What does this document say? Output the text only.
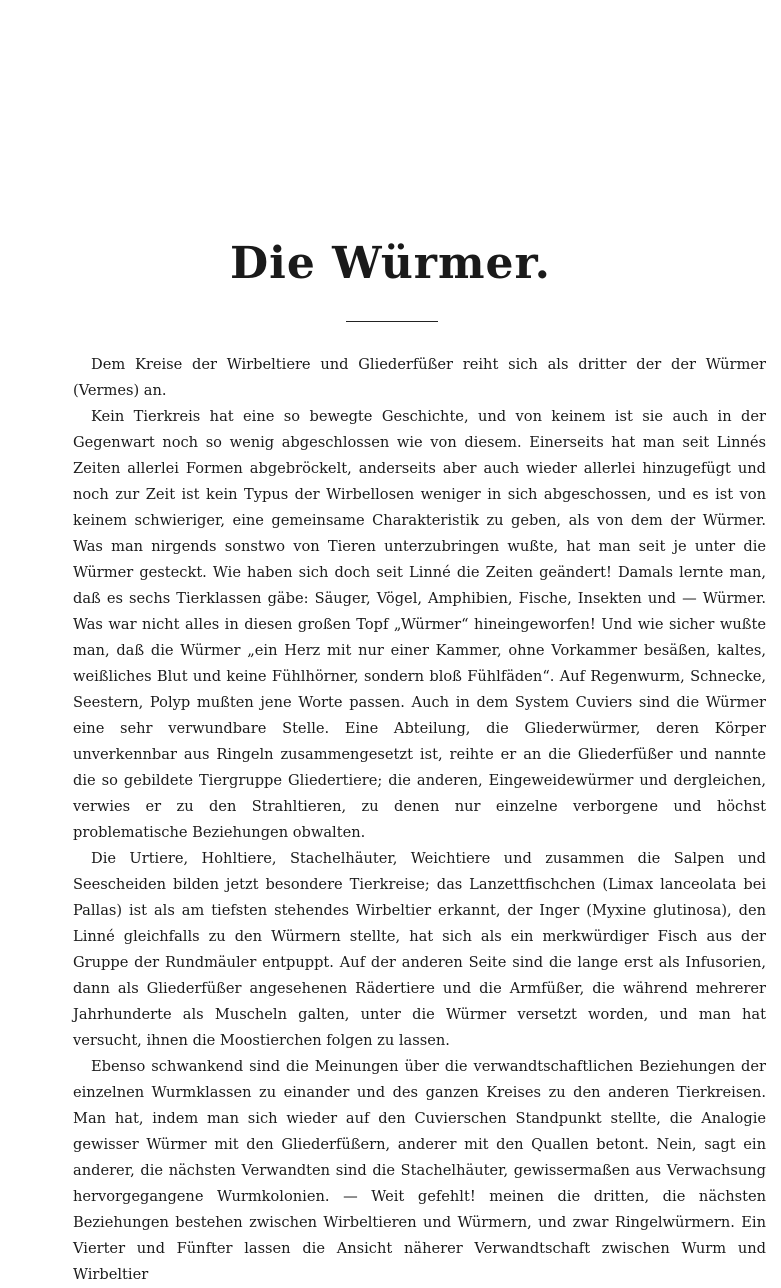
Die Würmer.

Dem Kreise der Wirbeltiere und Gliederfüßer reiht sich als dritter der der Würmer (Vermes) an.

Kein Tierkreis hat eine so bewegte Geschichte, und von keinem ist sie auch in der Gegenwart noch so wenig abgeschlossen wie von diesem. Einerseits hat man seit Linnés Zeiten allerlei Formen abgebröckelt, anderseits aber auch wieder allerlei hinzugefügt und noch zur Zeit ist kein Typus der Wirbellosen weniger in sich abgeschossen, und es ist von keinem schwieriger, eine gemeinsame Charakteristik zu geben, als von dem der Würmer. Was man nirgends sonstwo von Tieren unterzubringen wußte, hat man seit je unter die Würmer gesteckt. Wie haben sich doch seit Linné die Zeiten geändert! Damals lernte man, daß es sechs Tierklassen gäbe: Säuger, Vögel, Amphibien, Fische, Insekten und — Würmer. Was war nicht alles in diesen großen Topf „Würmer“ hineingeworfen! Und wie sicher wußte man, daß die Würmer „ein Herz mit nur einer Kammer, ohne Vorkammer besäßen, kaltes, weißliches Blut und keine Fühlhörner, sondern bloß Fühlfäden“. Auf Regenwurm, Schnecke, Seestern, Polyp mußten jene Worte passen. Auch in dem System Cuviers sind die Würmer eine sehr verwundbare Stelle. Eine Abteilung, die Gliederwürmer, deren Körper unverkennbar aus Ringeln zusammengesetzt ist, reihte er an die Gliederfüßer und nannte die so gebildete Tiergruppe Gliedertiere; die anderen, Eingeweidewürmer und dergleichen, verwies er zu den Strahltieren, zu denen nur einzelne verborgene und höchst problematische Beziehungen obwalten.

Die Urtiere, Hohltiere, Stachelhäuter, Weichtiere und zusammen die Salpen und Seescheiden bilden jetzt besondere Tierkreise; das Lanzettfischchen (Limax lanceolata bei Pallas) ist als am tiefsten stehendes Wirbeltier erkannt, der Inger (Myxine glutinosa), den Linné gleichfalls zu den Würmern stellte, hat sich als ein merkwürdiger Fisch aus der Gruppe der Rundmäuler entpuppt. Auf der anderen Seite sind die lange erst als Infusorien, dann als Gliederfüßer angesehenen Rädertiere und die Armfüßer, die während mehrerer Jahrhunderte als Muscheln galten, unter die Würmer versetzt worden, und man hat versucht, ihnen die Moostierchen folgen zu lassen.

Ebenso schwankend sind die Meinungen über die verwandtschaftlichen Beziehungen der einzelnen Wurmklassen zu einander und des ganzen Kreises zu den anderen Tierkreisen. Man hat, indem man sich wieder auf den Cuvierschen Standpunkt stellte, die Analogie gewisser Würmer mit den Gliederfüßern, anderer mit den Quallen betont. Nein, sagt ein anderer, die nächsten Verwandten sind die Stachelhäuter, gewissermaßen aus Verwachsung hervorgegangene Wurmkolonien. — Weit gefehlt! meinen die dritten, die nächsten Beziehungen bestehen zwischen Wirbeltieren und Würmern, und zwar Ringelwürmern. Ein Vierter und Fünfter lassen die Ansicht näherer Verwandtschaft zwischen Wurm und Wirbeltier
